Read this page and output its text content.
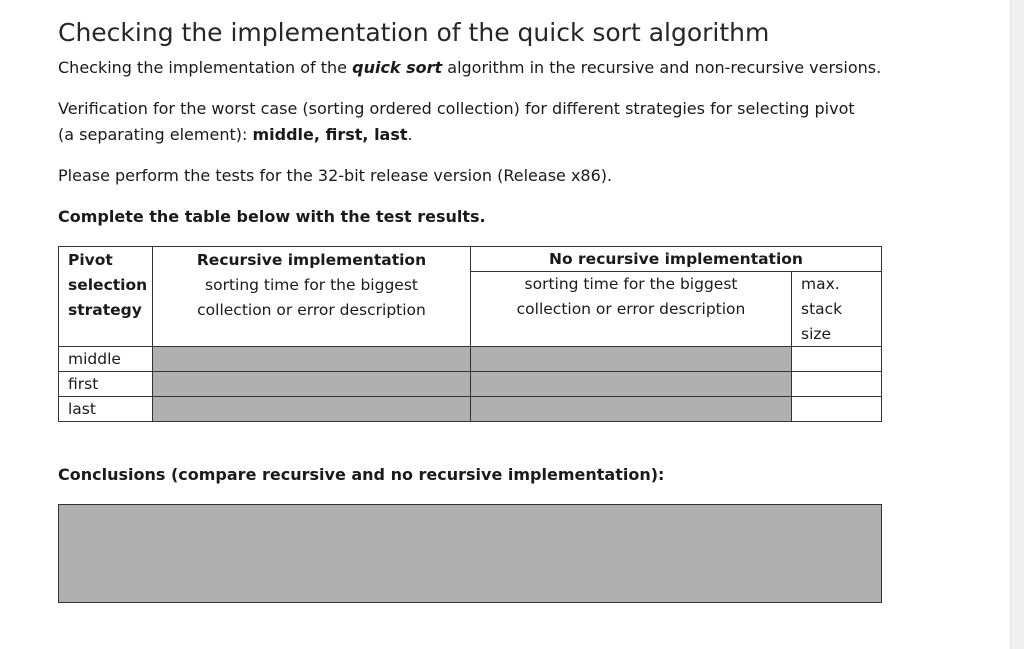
Checking the implementation of the quick sort algorithm
Checking the implementation of the quick sort algorithm in the recursive and non-recursive versions.
Verification for the worst case (sorting ordered collection) for different strategies for selecting pivot
(a separating element): middle, first, last.
Please perform the tests for the 32-bit release version (Release x86).
Complete the table below with the test results.
Pivot
selection
strategy
Recursive implementation
sorting time for the biggest
collection or error description
No recursive implementation
sorting time for the biggest
collection or error description
max.
stack
size
middle
first
last
Conclusions (compare recursive and no recursive implementation):
